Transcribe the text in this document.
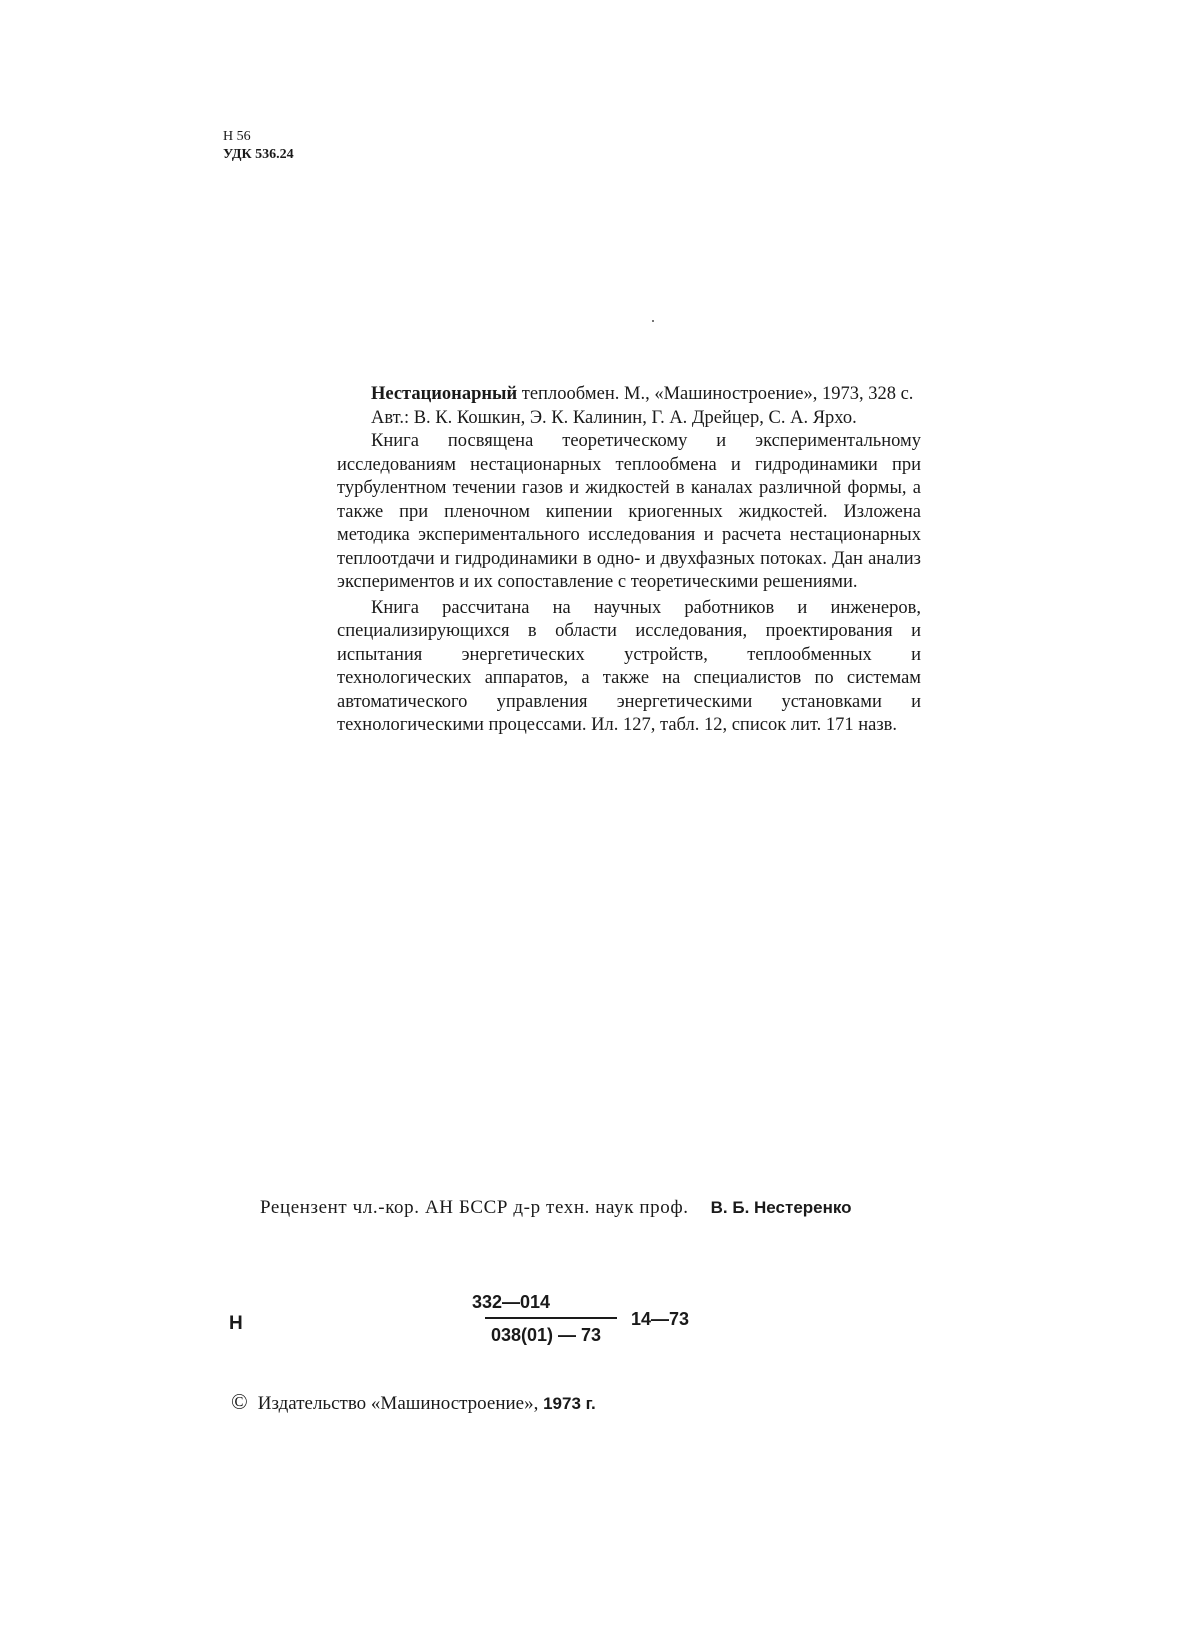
Н 56
УДК 536.24

Нестационарный теплообмен. М., «Машиностроение», 1973, 328 с.

Авт.: В. К. Кошкин, Э. К. Калинин, Г. А. Дрейцер, С. А. Ярхо.

Книга посвящена теоретическому и экспериментальному исследованиям нестационарных теплообмена и гидродинамики при турбулентном течении газов и жидкостей в каналах различной формы, а также при пленочном кипении криогенных жидкостей. Изложена методика экспериментального исследования и расчета нестационарных теплоотдачи и гидродинамики в одно- и двухфазных потоках. Дан анализ экспериментов и их сопоставление с теоретическими решениями.

Книга рассчитана на научных работников и инженеров, специализирующихся в области исследования, проектирования и испытания энергетических устройств, теплообменных и технологических аппаратов, а также на специалистов по системам автоматического управления энергетическими установками и технологическими процессами. Ил. 127, табл. 12, список лит. 171 назв.

Рецензент чл.-кор. АН БССР д-р техн. наук проф. В. Б. Нестеренко
Н
332—014
038(01) — 73
14—73
© Издательство «Машиностроение», 1973 г.
